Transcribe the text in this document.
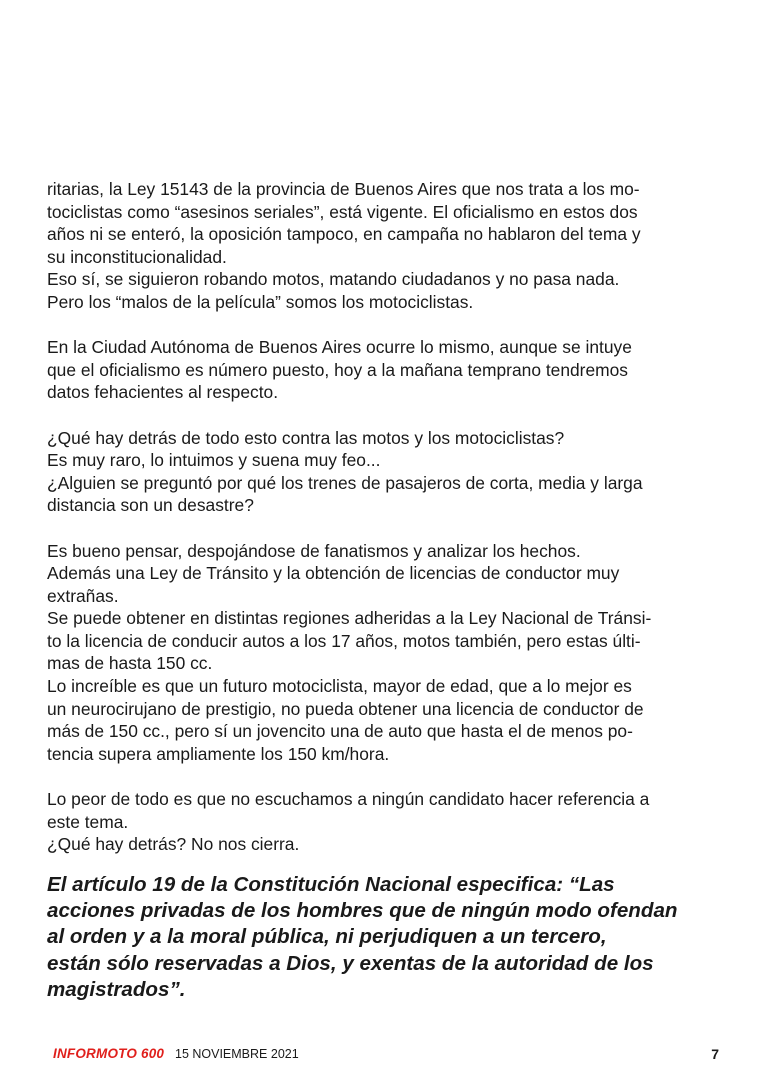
ritarias, la Ley 15143 de la provincia de Buenos Aires que nos trata a los mo-
tociclistas como “asesinos seriales”, está vigente. El oficialismo en estos dos
años ni se enteró, la oposición tampoco, en campaña no hablaron del tema y
su inconstitucionalidad.
Eso sí, se siguieron robando motos, matando ciudadanos y no pasa nada.
Pero los “malos de la película” somos los motociclistas.
En la Ciudad Autónoma de Buenos Aires ocurre lo mismo, aunque se intuye
que el oficialismo es número puesto, hoy a la mañana temprano tendremos
datos fehacientes al respecto.
¿Qué hay detrás de todo esto contra las motos y los motociclistas?
Es muy raro, lo intuimos y suena muy feo...
¿Alguien se preguntó por qué los trenes de pasajeros de corta, media y larga
distancia son un desastre?
Es bueno pensar, despojándose de fanatismos y analizar los hechos.
Además una Ley de Tránsito y la obtención de licencias de conductor muy
extrañas.
Se puede obtener en distintas regiones adheridas a la Ley Nacional de Tránsi-
to la licencia de conducir autos a los 17 años, motos también, pero estas últi-
mas de hasta 150 cc.
Lo increíble es que un futuro motociclista, mayor de edad, que a lo mejor es
un neurocirujano de prestigio, no pueda obtener una licencia de conductor de
más de 150 cc., pero sí un jovencito una de auto que hasta el de menos po-
tencia supera ampliamente los 150 km/hora.
Lo peor de todo es que no escuchamos a ningún candidato hacer referencia a
este tema.
¿Qué hay detrás? No nos cierra.
El artículo 19 de la Constitución Nacional especifica: “Las
acciones privadas de los hombres que de ningún modo ofendan
al orden y a la moral pública, ni perjudiquen a un tercero,
están sólo reservadas a Dios, y exentas de la autoridad de los
magistrados”.
INFORMOTO 600 15 NOVIEMBRE 2021	7
